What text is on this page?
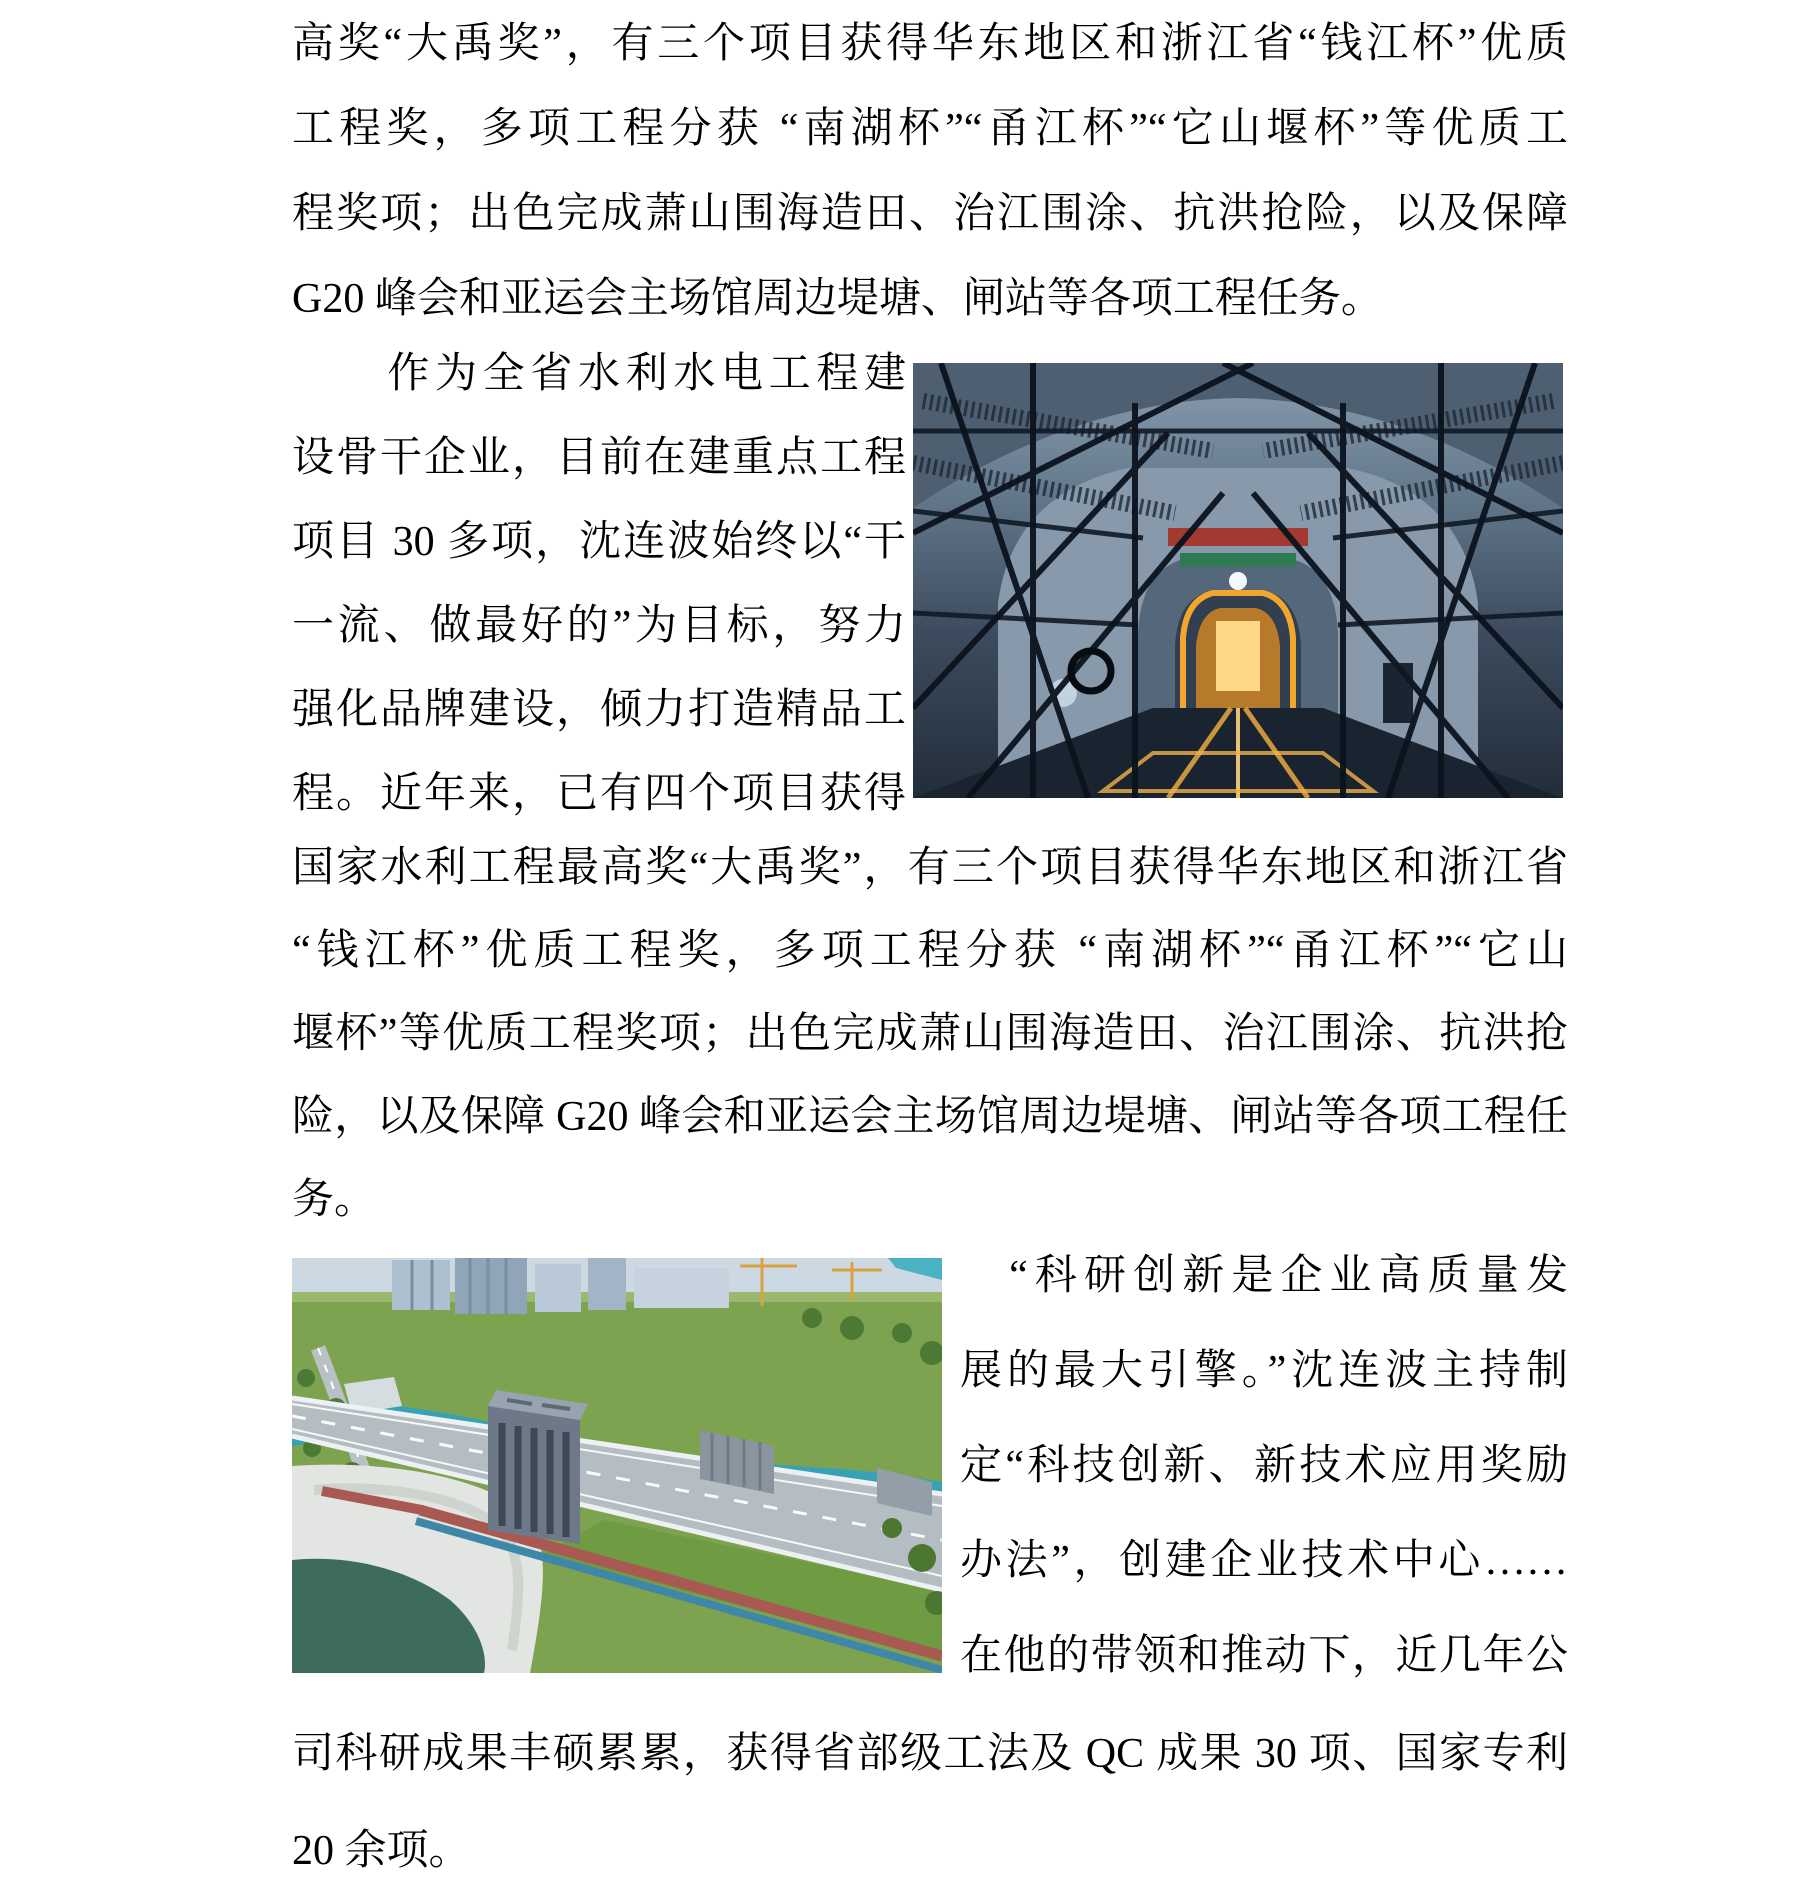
高奖“大禹奖”，有三个项目获得华东地区和浙江省“钱江杯”优质
工程奖，多项工程分获 “南湖杯”“甬江杯”“它山堰杯”等优质工
程奖项；出色完成萧山围海造田、治江围涂、抗洪抢险，以及保障
G20 峰会和亚运会主场馆周边堤塘、闸站等各项工程任务。
　　作为全省水利水电工程建
设骨干企业，目前在建重点工程
项目 30 多项，沈连波始终以“干
一流、做最好的”为目标，努力
强化品牌建设，倾力打造精品工
程。近年来，已有四个项目获得
国家水利工程最高奖“大禹奖”，有三个项目获得华东地区和浙江省
“钱江杯”优质工程奖，多项工程分获 “南湖杯”“甬江杯”“它山
堰杯”等优质工程奖项；出色完成萧山围海造田、治江围涂、抗洪抢
险，以及保障 G20 峰会和亚运会主场馆周边堤塘、闸站等各项工程任
务。
　“科研创新是企业高质量发
展的最大引擎。”沈连波主持制
定“科技创新、新技术应用奖励
办法”，创建企业技术中心……
在他的带领和推动下，近几年公
司科研成果丰硕累累，获得省部级工法及 QC 成果 30 项、国家专利
20 余项。
